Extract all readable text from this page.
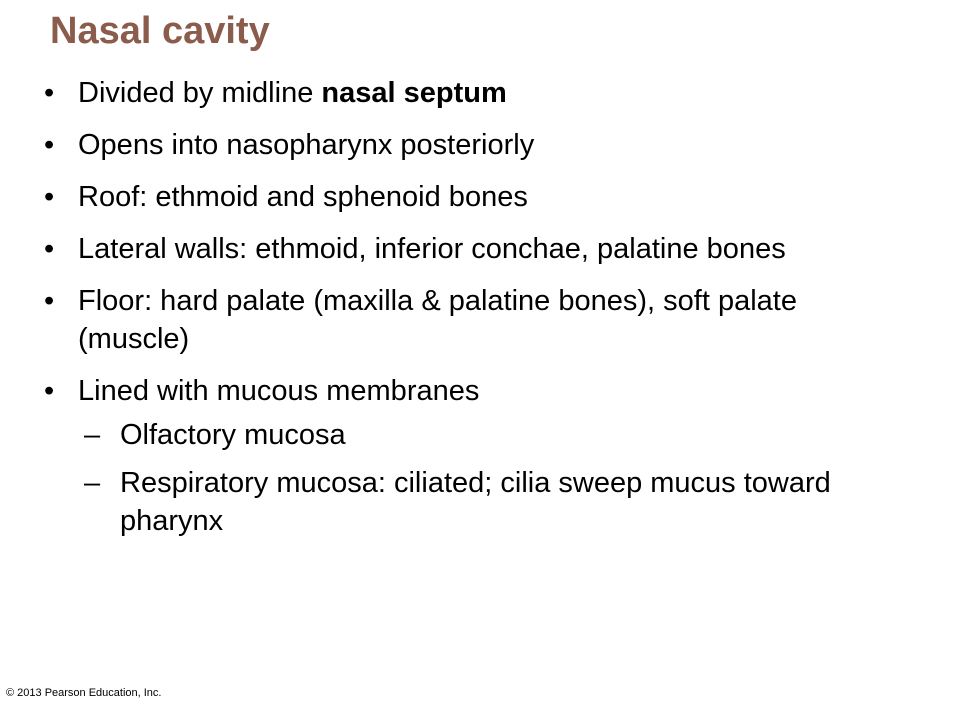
Nasal cavity
• Divided by midline nasal septum
• Opens into nasopharynx posteriorly
• Roof: ethmoid and sphenoid bones
• Lateral walls: ethmoid, inferior conchae, palatine bones
• Floor: hard palate (maxilla & palatine bones), soft palate (muscle)
• Lined with mucous membranes
– Olfactory mucosa
– Respiratory mucosa: ciliated; cilia sweep mucus toward pharynx
© 2013 Pearson Education, Inc.
